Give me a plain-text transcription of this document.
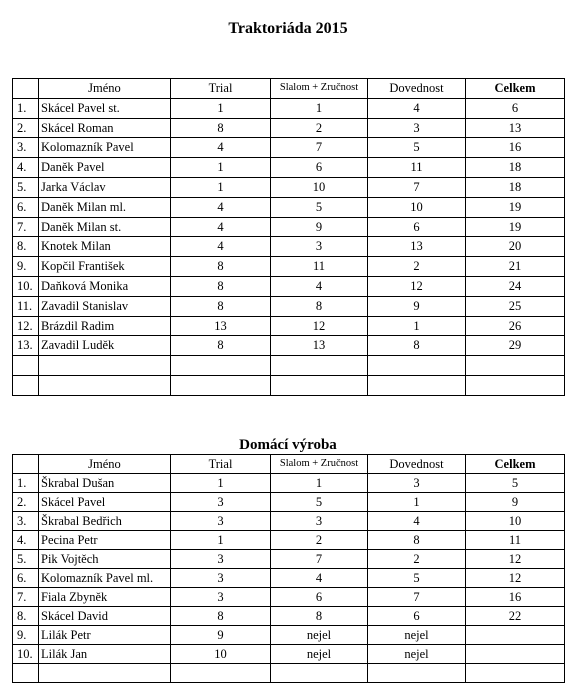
Traktoriáda 2015
	Jméno	Trial	Slalom + Zručnost	Dovednost	Celkem
1.	Skácel Pavel st.	1	1	4	6
2.	Skácel Roman	8	2	3	13
3.	Kolomazník Pavel	4	7	5	16
4.	Daněk Pavel	1	6	11	18
5.	Jarka Václav	1	10	7	18
6.	Daněk Milan ml.	4	5	10	19
7.	Daněk Milan st.	4	9	6	19
8.	Knotek Milan	4	3	13	20
9.	Kopčil František	8	11	2	21
10.	Daňková Monika	8	4	12	24
11.	Zavadil Stanislav	8	8	9	25
12.	Brázdil Radim	13	12	1	26
13.	Zavadil Luděk	8	13	8	29

Domácí výroba
	Jméno	Trial	Slalom + Zručnost	Dovednost	Celkem
1.	Škrabal Dušan	1	1	3	5
2.	Skácel Pavel	3	5	1	9
3.	Škrabal Bedřich	3	3	4	10
4.	Pecina Petr	1	2	8	11
5.	Pik Vojtěch	3	7	2	12
6.	Kolomazník Pavel ml.	3	4	5	12
7.	Fiala Zbyněk	3	6	7	16
8.	Skácel David	8	8	6	22
9.	Lilák Petr	9	nejel	nejel	
10.	Lilák Jan	10	nejel	nejel	
